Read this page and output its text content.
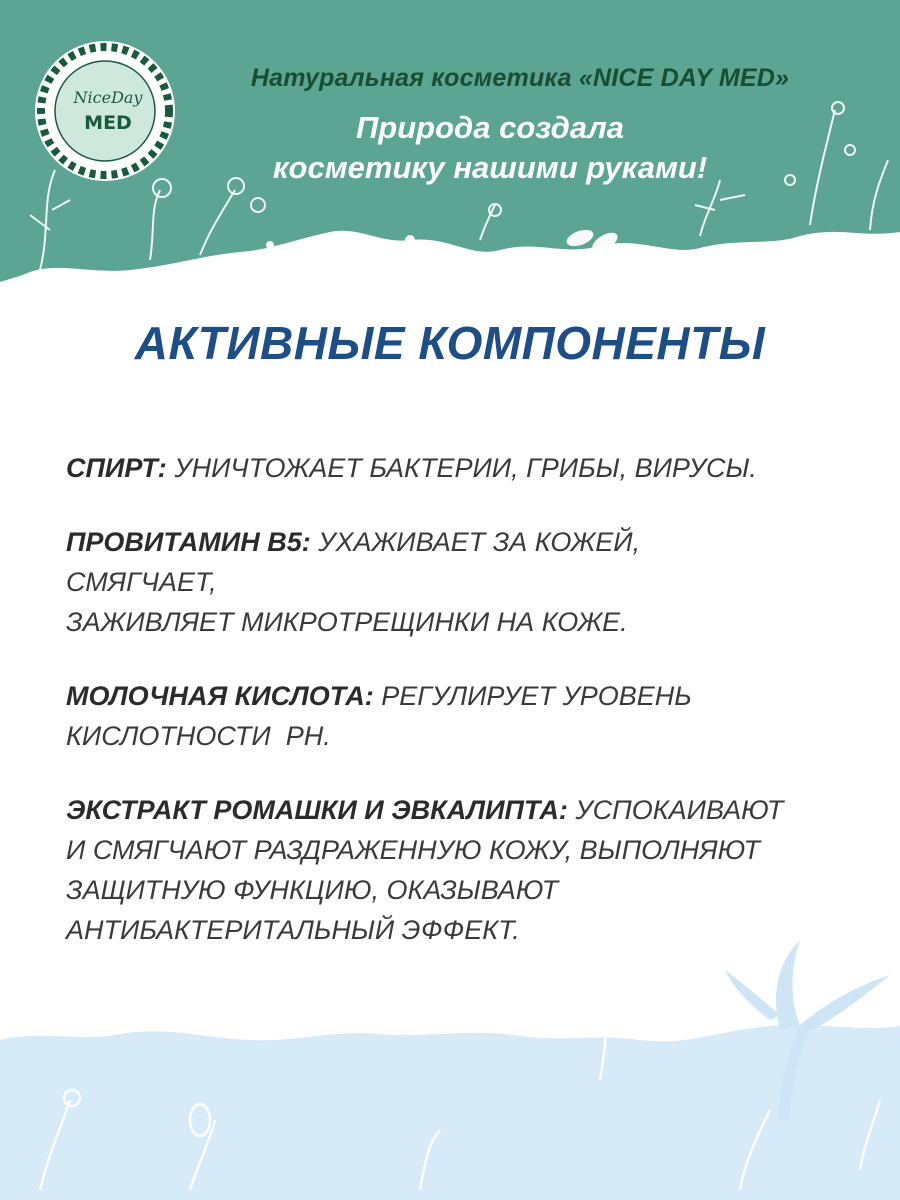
NiceDay
MED
Натуральная косметика «NICE DAY MED»
Природа создала
косметику нашими руками!
АКТИВНЫЕ КОМПОНЕНТЫ
СПИРТ: УНИЧТОЖАЕТ БАКТЕРИИ, ГРИБЫ, ВИРУСЫ.
ПРОВИТАМИН B5: УХАЖИВАЕТ ЗА КОЖЕЙ,
СМЯГЧАЕТ,
ЗАЖИВЛЯЕТ МИКРОТРЕЩИНКИ НА КОЖЕ.
МОЛОЧНАЯ КИСЛОТА: РЕГУЛИРУЕТ УРОВЕНЬ
КИСЛОТНОСТИ  PH.
ЭКСТРАКТ РОМАШКИ И ЭВКАЛИПТА: УСПОКАИВАЮТ
И СМЯГЧАЮТ РАЗДРАЖЕННУЮ КОЖУ, ВЫПОЛНЯЮТ
ЗАЩИТНУЮ ФУНКЦИЮ, ОКАЗЫВАЮТ
АНТИБАКТЕРИТАЛЬНЫЙ ЭФФЕКТ.
